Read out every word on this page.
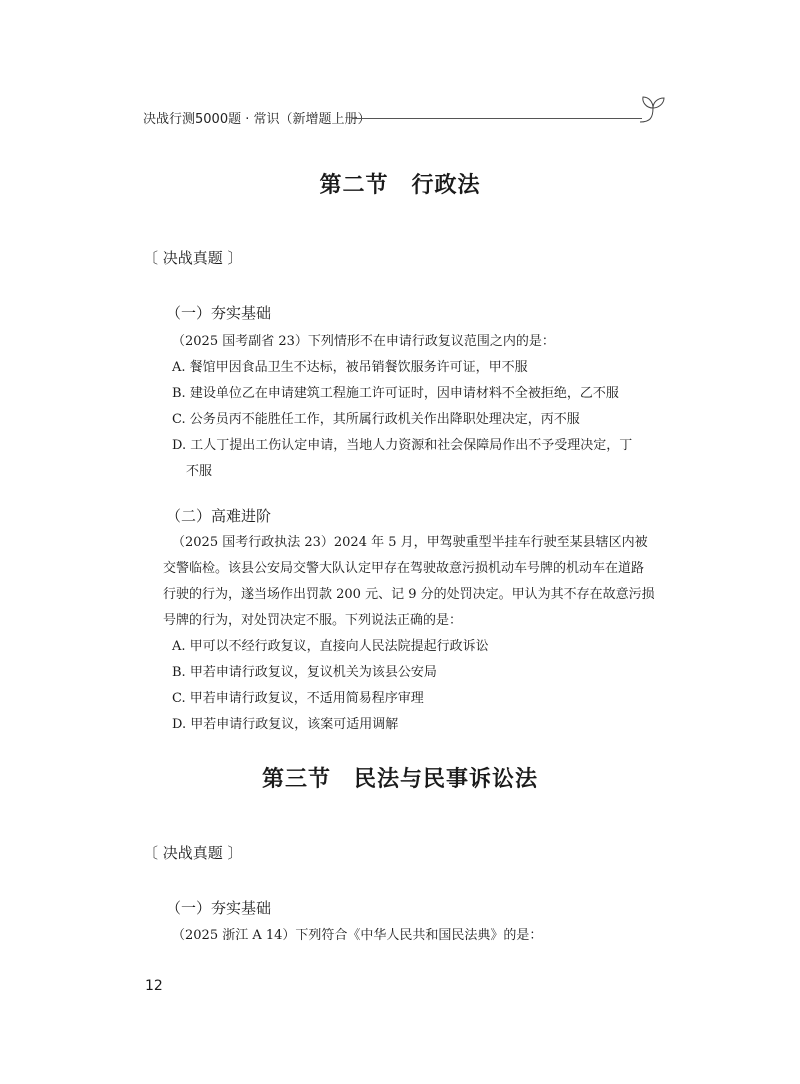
决战行测5000题 · 常识（新增题上册）
第二节　行政法
〔 决战真题 〕
（一）夯实基础
（2025 国考副省 23）下列情形不在申请行政复议范围之内的是：
A. 餐馆甲因食品卫生不达标，被吊销餐饮服务许可证，甲不服
B. 建设单位乙在申请建筑工程施工许可证时，因申请材料不全被拒绝，乙不服
C. 公务员丙不能胜任工作，其所属行政机关作出降职处理决定，丙不服
D. 工人丁提出工伤认定申请，当地人力资源和社会保障局作出不予受理决定，丁
不服
（二）高难进阶
（2025 国考行政执法 23）2024 年 5 月，甲驾驶重型半挂车行驶至某县辖区内被
交警临检。该县公安局交警大队认定甲存在驾驶故意污损机动车号牌的机动车在道路
行驶的行为，遂当场作出罚款 200 元、记 9 分的处罚决定。甲认为其不存在故意污损
号牌的行为，对处罚决定不服。下列说法正确的是：
A. 甲可以不经行政复议，直接向人民法院提起行政诉讼
B. 甲若申请行政复议，复议机关为该县公安局
C. 甲若申请行政复议，不适用简易程序审理
D. 甲若申请行政复议，该案可适用调解
第三节　民法与民事诉讼法
〔 决战真题 〕
（一）夯实基础
（2025 浙江 A 14）下列符合《中华人民共和国民法典》的是：
12
